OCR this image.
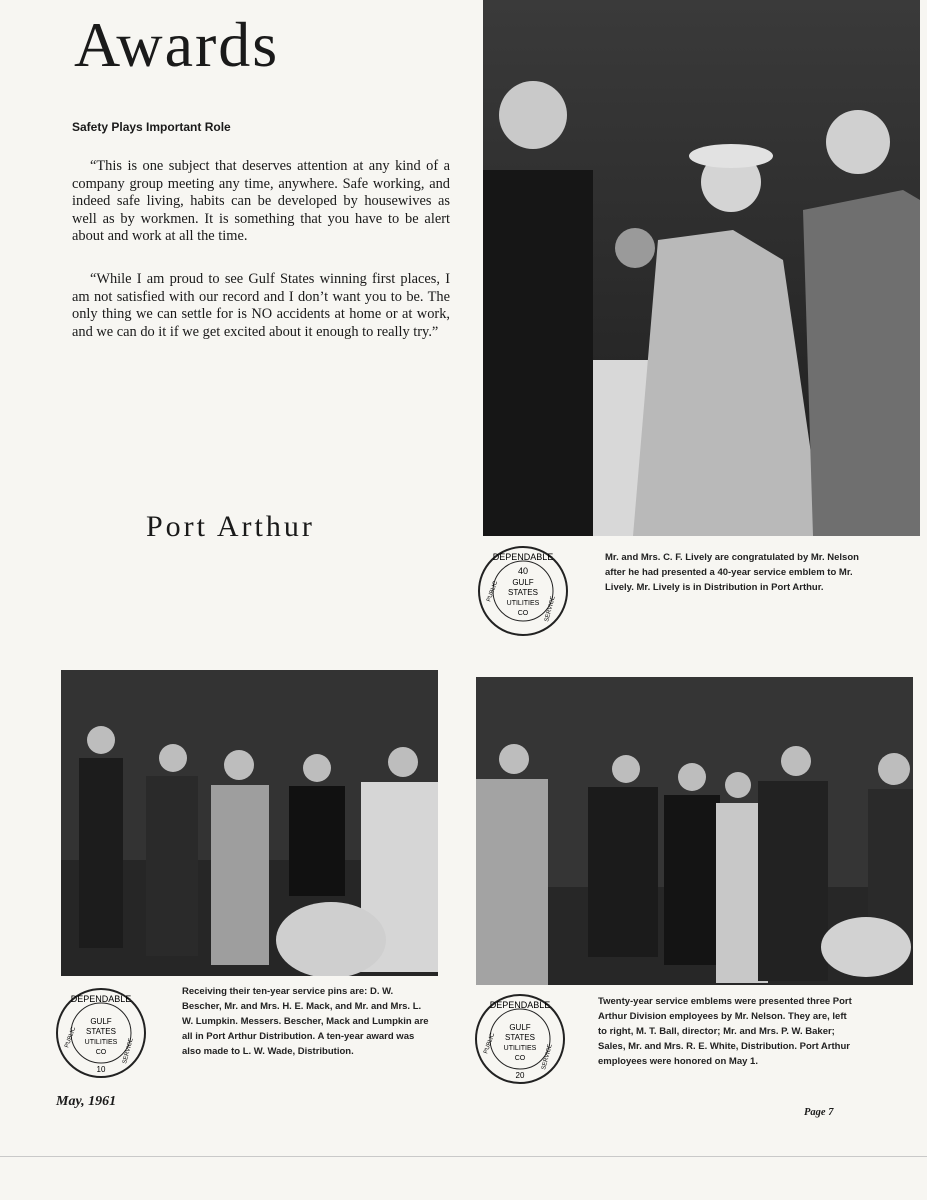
Awards
Safety Plays Important Role

“This is one subject that deserves attention at any kind of a company group meeting any time, anywhere. Safe working, and indeed safe living, habits can be developed by housewives as well as by workmen. It is something that you have to be alert about and work at all the time.

“While I am proud to see Gulf States winning first places, I am not satisfied with our record and I don’t want you to be. The only thing we can settle for is NO accidents at home or at work, and we can do it if we get excited about it enough to really try.”

Port Arthur
DEPENDABLE
40
GULF
STATES
UTILITIES
CO
PUBLIC
SERVICE

Mr. and Mrs. C. F. Lively are congratulated by Mr. Nelson after he had presented a 40-year service emblem to Mr. Lively. Mr. Lively is in Distribution in Port Arthur.

DEPENDABLE
GULF
STATES
UTILITIES
CO
10
PUBLIC
SERVICE

Receiving their ten-year service pins are: D. W. Bescher, Mr. and Mrs. H. E. Mack, and Mr. and Mrs. L. W. Lumpkin. Messers. Bescher, Mack and Lumpkin are all in Port Arthur Distribution. A ten-year award was also made to L. W. Wade, Distribution.

DEPENDABLE
GULF
STATES
UTILITIES
CO
20
PUBLIC
SERVICE

Twenty-year service emblems were presented three Port Arthur Division employees by Mr. Nelson. They are, left to right, M. T. Ball, director; Mr. and Mrs. P. W. Baker; Sales, Mr. and Mrs. R. E. White, Distribution. Port Arthur employees were honored on May 1.

May, 1961
Page 7
